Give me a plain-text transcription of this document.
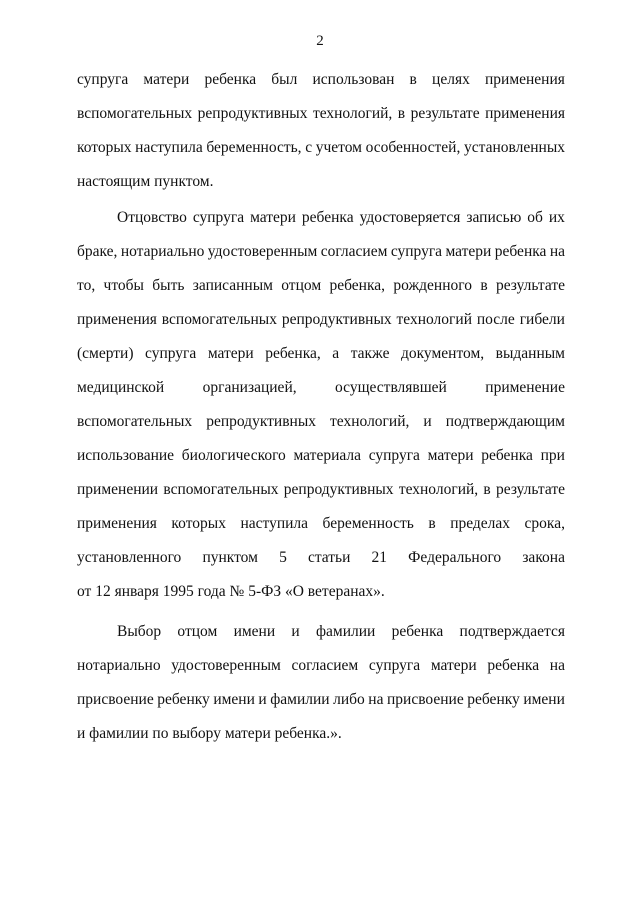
2
супруга матери ребенка был использован в целях применения
вспомогательных репродуктивных технологий, в результате применения
которых наступила беременность, с учетом особенностей, установленных
настоящим пунктом.
Отцовство супруга матери ребенка удостоверяется записью об их
браке, нотариально удостоверенным согласием супруга матери ребенка на
то, чтобы быть записанным отцом ребенка, рожденного в результате
применения вспомогательных репродуктивных технологий после гибели
(смерти) супруга матери ребенка, а также документом, выданным
медицинской организацией, осуществлявшей применение
вспомогательных репродуктивных технологий, и подтверждающим
использование биологического материала супруга матери ребенка при
применении вспомогательных репродуктивных технологий, в результате
применения которых наступила беременность в пределах срока,
установленного пунктом 5 статьи 21 Федерального закона
от 12 января 1995 года № 5-ФЗ «О ветеранах».
Выбор отцом имени и фамилии ребенка подтверждается
нотариально удостоверенным согласием супруга матери ребенка на
присвоение ребенку имени и фамилии либо на присвоение ребенку имени
и фамилии по выбору матери ребенка.».
